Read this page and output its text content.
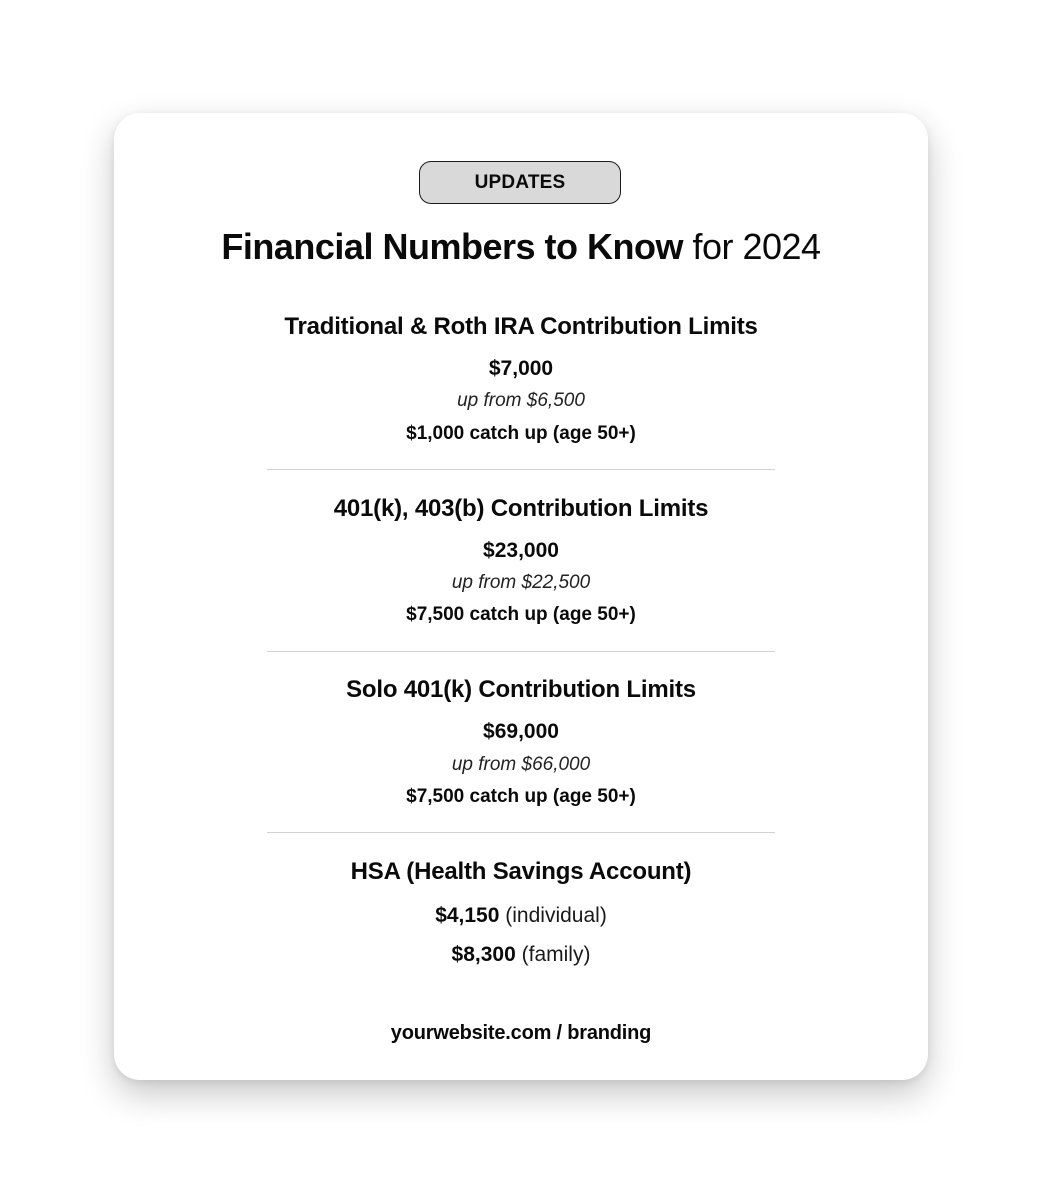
UPDATES
Financial Numbers to Know for 2024
Traditional & Roth IRA Contribution Limits
$7,000
up from $6,500
$1,000 catch up (age 50+)
401(k), 403(b) Contribution Limits
$23,000
up from $22,500
$7,500 catch up (age 50+)
Solo 401(k) Contribution Limits
$69,000
up from $66,000
$7,500 catch up (age 50+)
HSA (Health Savings Account)
$4,150 (individual)
$8,300 (family)
yourwebsite.com / branding
